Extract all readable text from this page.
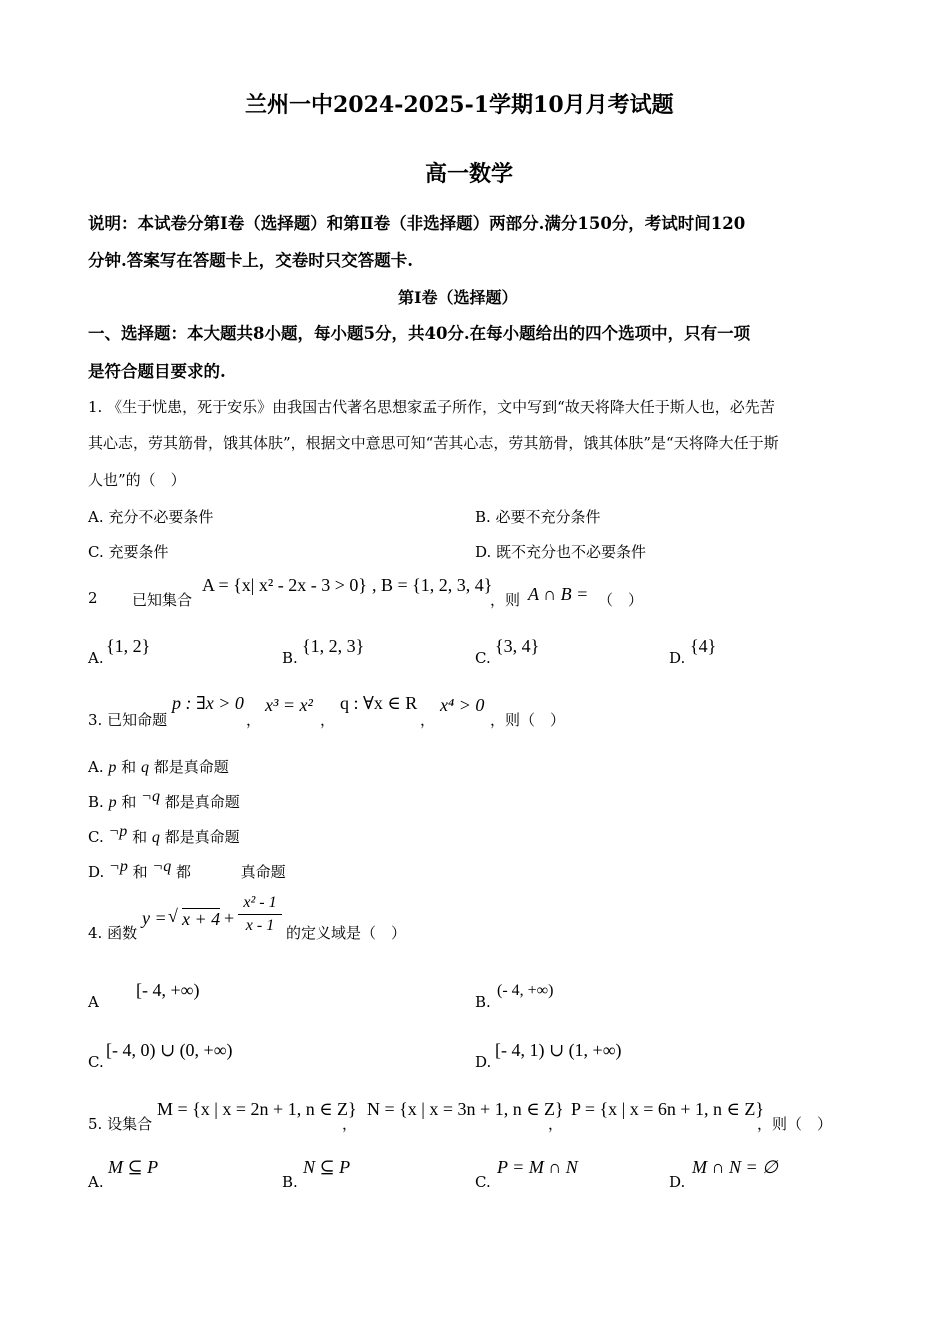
兰州一中2024-2025-1学期10月月考试题
高一数学
说明：本试卷分第Ⅰ卷（选择题）和第Ⅱ卷（非选择题）两部分.满分150分，考试时间120
分钟.答案写在答题卡上，交卷时只交答题卡.
第Ⅰ卷（选择题）
一、选择题：本大题共8小题，每小题5分，共40分.在每小题给出的四个选项中，只有一项
是符合题目要求的.
1. 《生于忧患，死于安乐》由我国古代著名思想家孟子所作，文中写到“故天将降大任于斯人也，必先苦
其心志，劳其筋骨，饿其体肤”，根据文中意思可知“苦其心志，劳其筋骨，饿其体肤”是“天将降大任于斯
人也”的（　）
A. 充分不必要条件	B. 必要不充分条件
C. 充要条件	D. 既不充分也不必要条件
2 已知集合
A = {x| x² - 2x - 3 > 0} , B = {1, 2, 3, 4}
，则 A ∩ B = （　）
A.
{1, 2}
B.
{1, 2, 3}
C.
{3, 4}
D.
{4}
3. 已知命题
p : ∃x > 0
，
x³ = x²
，
q : ∀x ∈ R
，
x⁴ > 0
，则（　）
A. p 和 q 都是真命题
B. p 和 ¬q 都是真命题
C. ¬p 和 q 都是真命题
D. ¬p 和 ¬q 都	真命题
4. 函数
y = √ x + 4 +
x² - 1
x - 1 的定义域是（　）
A
[- 4, +∞)
B.
(- 4, +∞)
C.
[- 4, 0) ∪ (0, +∞)
D.
[- 4, 1) ∪ (1, +∞)
5. 设集合
M = {x | x = 2n + 1, n ∈ Z}
，
N = {x | x = 3n + 1, n ∈ Z}
，
P = {x | x = 6n + 1, n ∈ Z}
，则（　）
A.
M ⊆ P
B.
N ⊆ P
C.
P = M ∩ N
D.
M ∩ N = ∅
